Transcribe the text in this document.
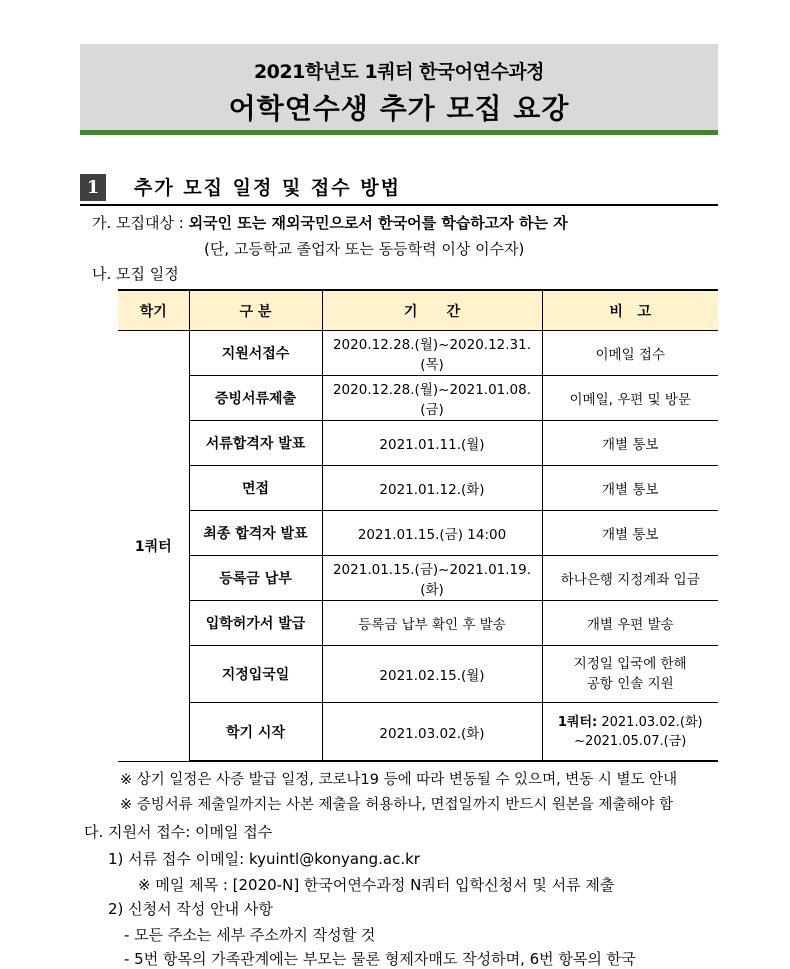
2021학년도 1쿼터 한국어연수과정
어학연수생 추가 모집 요강
1	추가 모집 일정 및 접수 방법
가. 모집대상 : 외국인 또는 재외국민으로서 한국어를 학습하고자 하는 자
(단, 고등학교 졸업자 또는 동등학력 이상 이수자)
나. 모집 일정
학기	구 분	기      간	비   고
1쿼터	지원서접수	2020.12.28.(월)~2020.12.31.(목)	이메일 접수
	증빙서류제출	2020.12.28.(월)~2021.01.08.(금)	이메일, 우편 및 방문
	서류합격자 발표	2021.01.11.(월)	개별 통보
	면접	2021.01.12.(화)	개별 통보
	최종 합격자 발표	2021.01.15.(금) 14:00	개별 통보
	등록금 납부	2021.01.15.(금)~2021.01.19.(화)	하나은행 지정계좌 입금
	입학허가서 발급	등록금 납부 확인 후 발송	개별 우편 발송
	지정입국일	2021.02.15.(월)	지정일 입국에 한해
공항 인솔 지원

	학기 시작	2021.03.02.(화)	1쿼터: 2021.03.02.(화)
~2021.05.07.(금)
※ 상기 일정은 사증 발급 일정, 코로나19 등에 따라 변동될 수 있으며, 변동 시 별도 안내
※ 증빙서류 제출일까지는 사본 제출을 허용하나, 면접일까지 반드시 원본을 제출해야 함
다. 지원서 접수: 이메일 접수
1) 서류 접수 이메일: kyuintl@konyang.ac.kr
※ 메일 제목 : [2020-N] 한국어연수과정 N쿼터 입학신청서 및 서류 제출
2) 신청서 작성 안내 사항
- 모든 주소는 세부 주소까지 작성할 것
- 5번 항목의 가족관계에는 부모는 물론 형제자매도 작성하며, 6번 항목의 한국
